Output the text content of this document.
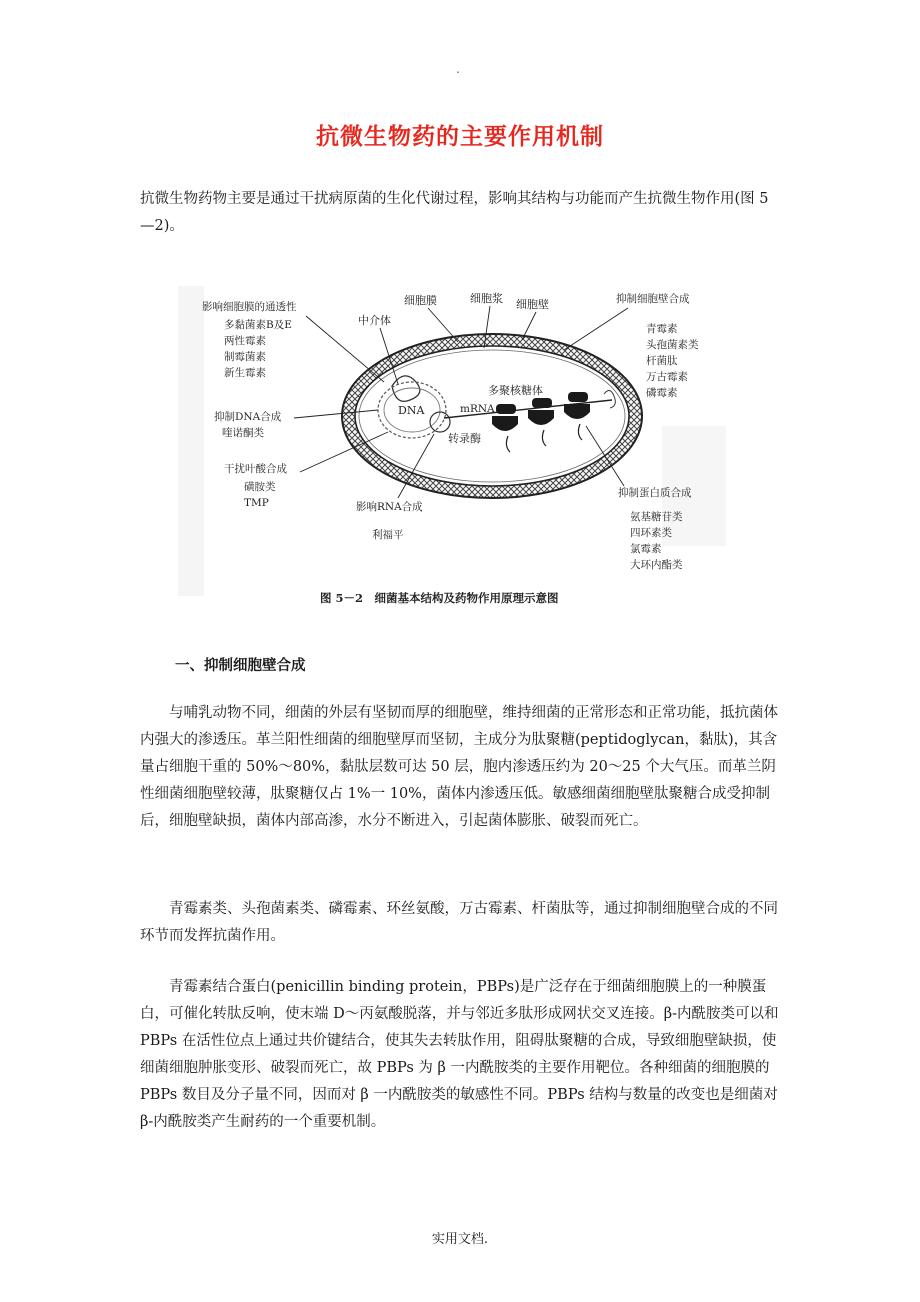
.
抗微生物药的主要作用机制

抗微生物药物主要是通过干扰病原菌的生化代谢过程，影响其结构与功能而产生抗微生物作用(图 5—2)。

DNA	mRNA
多聚核糖体
转录酶
细胞膜	细胞浆 细胞壁
中介体
影响细胞膜的通透性
多黏菌素B及E
两性霉素
制霉菌素
新生霉素
抑制DNA合成
喹诺酮类
干扰叶酸合成
磺胺类
TMP	影响RNA合成
利福平
抑制细胞壁合成
青霉素
头孢菌素类
杆菌肽
万古霉素
磷霉素
抑制蛋白质合成
氨基糖苷类
四环素类
氯霉素
大环内酯类
图 5－2　细菌基本结构及药物作用原理示意图
一、抑制细胞壁合成

与哺乳动物不同，细菌的外层有坚韧而厚的细胞壁，维持细菌的正常形态和正常功能，抵抗菌体内强大的渗透压。革兰阳性细菌的细胞壁厚而坚韧，主成分为肽聚糖(peptidoglycan，黏肽)，其含量占细胞干重的 50%～80%，黏肽层数可达 50 层，胞内渗透压约为 20～25 个大气压。而革兰阴性细菌细胞壁较薄，肽聚糖仅占 1%一 10%，菌体内渗透压低。敏感细菌细胞壁肽聚糖合成受抑制后，细胞壁缺损，菌体内部高渗，水分不断进入，引起菌体膨胀、破裂而死亡。

青霉素类、头孢菌素类、磷霉素、环丝氨酸，万古霉素、杆菌肽等，通过抑制细胞壁合成的不同环节而发挥抗菌作用。

青霉素结合蛋白(penicillin binding protein，PBPs)是广泛存在于细菌细胞膜上的一种膜蛋白，可催化转肽反响，使末端 D～丙氨酸脱落，并与邻近多肽形成网状交叉连接。β-内酰胺类可以和 PBPs 在活性位点上通过共价键结合，使其失去转肽作用，阻碍肽聚糖的合成，导致细胞壁缺损，使细菌细胞肿胀变形、破裂而死亡，故 PBPs 为 β 一内酰胺类的主要作用靶位。各种细菌的细胞膜的 PBPs 数目及分子量不同，因而对 β 一内酰胺类的敏感性不同。PBPs 结构与数量的改变也是细菌对 β-内酰胺类产生耐药的一个重要机制。

实用文档.
